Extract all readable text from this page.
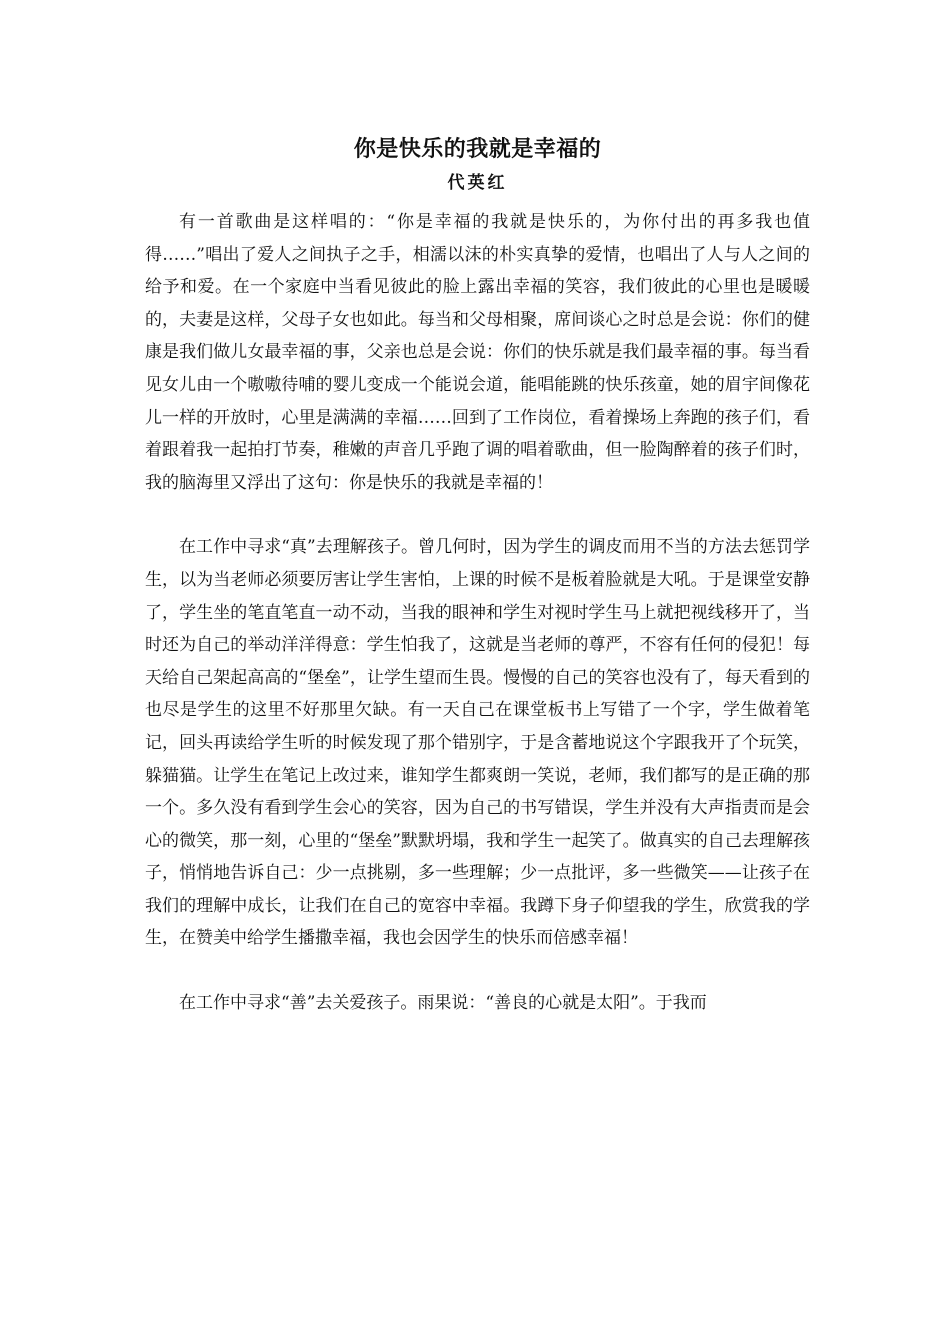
你是快乐的我就是幸福的
代英红

有一首歌曲是这样唱的：“你是幸福的我就是快乐的，为你付出的再多我也值得……”唱出了爱人之间执子之手，相濡以沫的朴实真挚的爱情，也唱出了人与人之间的给予和爱。在一个家庭中当看见彼此的脸上露出幸福的笑容，我们彼此的心里也是暖暖的，夫妻是这样，父母子女也如此。每当和父母相聚，席间谈心之时总是会说：你们的健康是我们做儿女最幸福的事，父亲也总是会说：你们的快乐就是我们最幸福的事。每当看见女儿由一个嗷嗷待哺的婴儿变成一个能说会道，能唱能跳的快乐孩童，她的眉宇间像花儿一样的开放时，心里是满满的幸福……回到了工作岗位，看着操场上奔跑的孩子们，看着跟着我一起拍打节奏，稚嫩的声音几乎跑了调的唱着歌曲，但一脸陶醉着的孩子们时，我的脑海里又浮出了这句：你是快乐的我就是幸福的！

在工作中寻求“真”去理解孩子。曾几何时，因为学生的调皮而用不当的方法去惩罚学生，以为当老师必须要厉害让学生害怕，上课的时候不是板着脸就是大吼。于是课堂安静了，学生坐的笔直笔直一动不动，当我的眼神和学生对视时学生马上就把视线移开了，当时还为自己的举动洋洋得意：学生怕我了，这就是当老师的尊严，不容有任何的侵犯！每天给自己架起高高的“堡垒”，让学生望而生畏。慢慢的自己的笑容也没有了，每天看到的也尽是学生的这里不好那里欠缺。有一天自己在课堂板书上写错了一个字，学生做着笔记，回头再读给学生听的时候发现了那个错别字，于是含蓄地说这个字跟我开了个玩笑，躲猫猫。让学生在笔记上改过来，谁知学生都爽朗一笑说，老师，我们都写的是正确的那一个。多久没有看到学生会心的笑容，因为自己的书写错误，学生并没有大声指责而是会心的微笑，那一刻，心里的“堡垒”默默坍塌，我和学生一起笑了。做真实的自己去理解孩子，悄悄地告诉自己：少一点挑剔，多一些理解；少一点批评，多一些微笑——让孩子在我们的理解中成长，让我们在自己的宽容中幸福。我蹲下身子仰望我的学生，欣赏我的学生，在赞美中给学生播撒幸福，我也会因学生的快乐而倍感幸福！

在工作中寻求“善”去关爱孩子。雨果说：“善良的心就是太阳”。于我而
